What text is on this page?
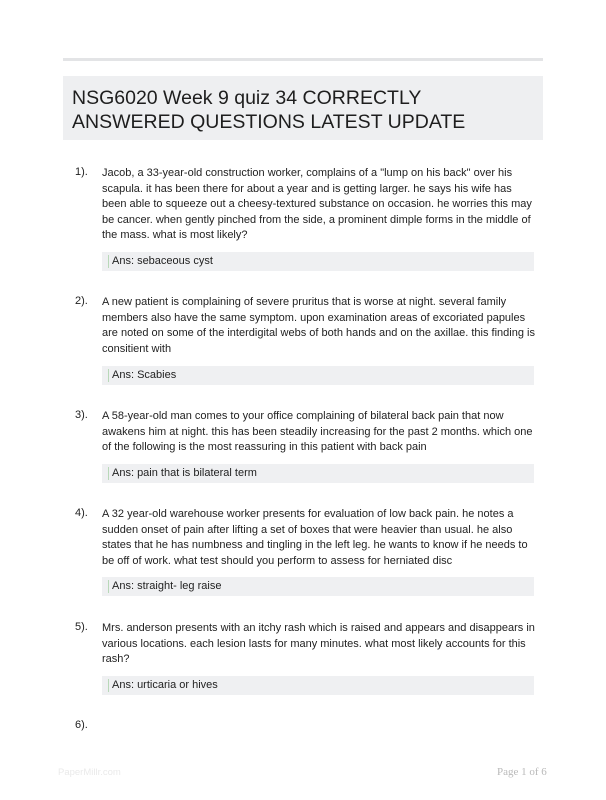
NSG6020 Week 9 quiz 34 CORRECTLY ANSWERED QUESTIONS LATEST UPDATE
1). Jacob, a 33-year-old construction worker, complains of a "lump on his back" over his scapula. it has been there for about a year and is getting larger. he says his wife has been able to squeeze out a cheesy-textured substance on occasion. he worries this may be cancer. when gently pinched from the side, a prominent dimple forms in the middle of the mass. what is most likely?

Ans: sebaceous cyst
2). A new patient is complaining of severe pruritus that is worse at night. several family members also have the same symptom. upon examination areas of excoriated papules are noted on some of the interdigital webs of both hands and on the axillae. this finding is consitient with

Ans: Scabies
3). A 58-year-old man comes to your office complaining of bilateral back pain that now awakens him at night. this has been steadily increasing for the past 2 months. which one of the following is the most reassuring in this patient with back pain

Ans: pain that is bilateral term
4). A 32 year-old warehouse worker presents for evaluation of low back pain. he notes a sudden onset of pain after lifting a set of boxes that were heavier than usual. he also states that he has numbness and tingling in the left leg. he wants to know if he needs to be off of work. what test should you perform to assess for herniated disc

Ans: straight- leg raise
5). Mrs. anderson presents with an itchy rash which is raised and appears and disappears in various locations. each lesion lasts for many minutes. what most likely accounts for this rash?

Ans: urticaria or hives
6).

PaperMillr.com	Page 1 of 6
